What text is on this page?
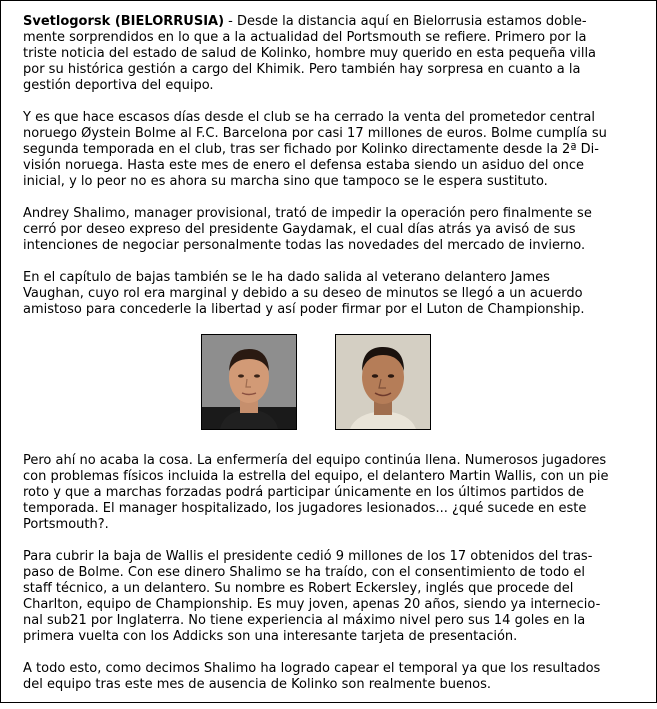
Svetlogorsk (BIELORRUSIA) - Desde la distancia aquí en Bielorrusia estamos doble-
mente sorprendidos en lo que a la actualidad del Portsmouth se refiere. Primero por la
triste noticia del estado de salud de Kolinko, hombre muy querido en esta pequeña villa
por su histórica gestión a cargo del Khimik. Pero también hay sorpresa en cuanto a la
gestión deportiva del equipo.

Y es que hace escasos días desde el club se ha cerrado la venta del prometedor central
noruego Øystein Bolme al F.C. Barcelona por casi 17 millones de euros. Bolme cumplía su
segunda temporada en el club, tras ser fichado por Kolinko directamente desde la 2ª Di-
visión noruega. Hasta este mes de enero el defensa estaba siendo un asiduo del once
inicial, y lo peor no es ahora su marcha sino que tampoco se le espera sustituto.

Andrey Shalimo, manager provisional, trató de impedir la operación pero finalmente se
cerró por deseo expreso del presidente Gaydamak, el cual días atrás ya avisó de sus
intenciones de negociar personalmente todas las novedades del mercado de invierno.

En el capítulo de bajas también se le ha dado salida al veterano delantero James
Vaughan, cuyo rol era marginal y debido a su deseo de minutos se llegó a un acuerdo
amistoso para concederle la libertad y así poder firmar por el Luton de Championship.

Pero ahí no acaba la cosa. La enfermería del equipo continúa llena. Numerosos jugadores
con problemas físicos incluida la estrella del equipo, el delantero Martin Wallis, con un pie
roto y que a marchas forzadas podrá participar únicamente en los últimos partidos de
temporada. El manager hospitalizado, los jugadores lesionados... ¿qué sucede en este
Portsmouth?.

Para cubrir la baja de Wallis el presidente cedió 9 millones de los 17 obtenidos del tras-
paso de Bolme. Con ese dinero Shalimo se ha traído, con el consentimiento de todo el
staff técnico, a un delantero. Su nombre es Robert Eckersley, inglés que procede del
Charlton, equipo de Championship. Es muy joven, apenas 20 años, siendo ya internecio-
nal sub21 por Inglaterra. No tiene experiencia al máximo nivel pero sus 14 goles en la
primera vuelta con los Addicks son una interesante tarjeta de presentación.

A todo esto, como decimos Shalimo ha logrado capear el temporal ya que los resultados
del equipo tras este mes de ausencia de Kolinko son realmente buenos.
